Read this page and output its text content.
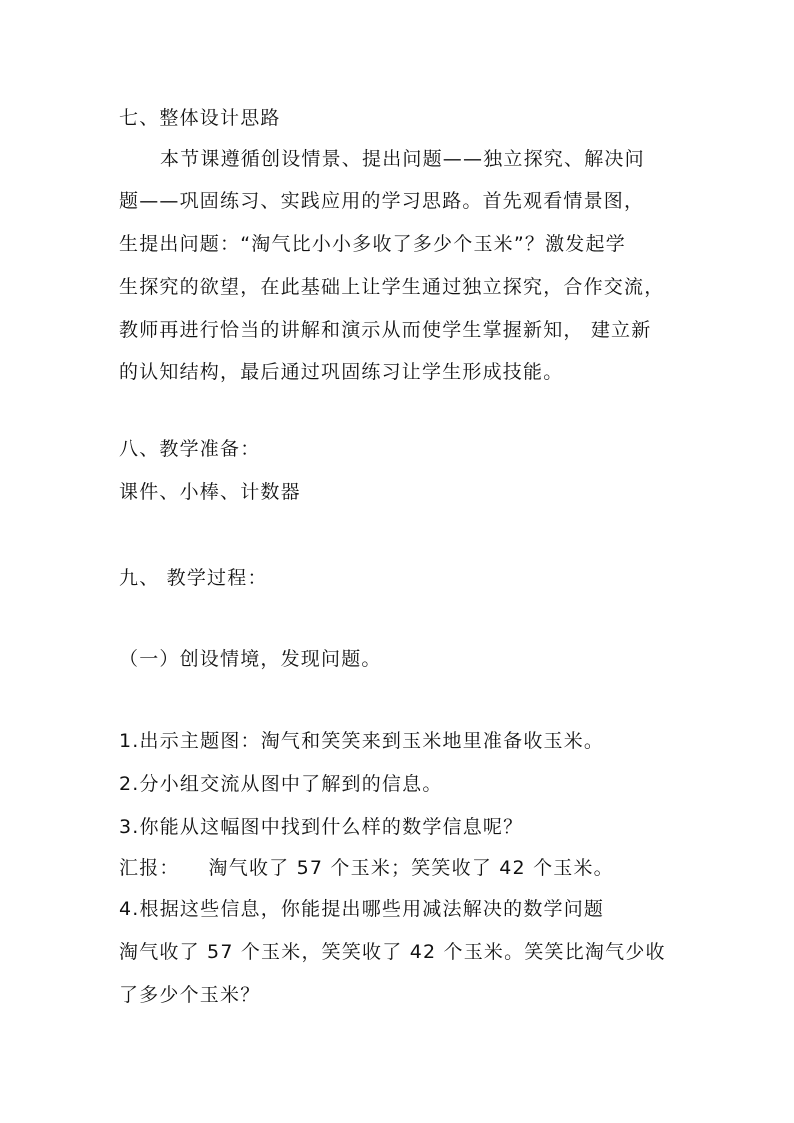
七、整体设计思路
本节课遵循创设情景、提出问题——独立探究、解决问
题——巩固练习、实践应用的学习思路。首先观看情景图，
生提出问题：“淘气比小小多收了多少个玉米”？激发起学
生探究的欲望，在此基础上让学生通过独立探究，合作交流，
教师再进行恰当的讲解和演示从而使学生掌握新知， 建立新
的认知结构，最后通过巩固练习让学生形成技能。
八、教学准备：
课件、小棒、计数器
九、 教学过程：
（一）创设情境，发现问题。
1.出示主题图：淘气和笑笑来到玉米地里准备收玉米。
2.分小组交流从图中了解到的信息。
3.你能从这幅图中找到什么样的数学信息呢？
汇报：    淘气收了 57 个玉米；笑笑收了 42 个玉米。
4.根据这些信息，你能提出哪些用减法解决的数学问题
淘气收了 57 个玉米，笑笑收了 42 个玉米。笑笑比淘气少收
了多少个玉米？
